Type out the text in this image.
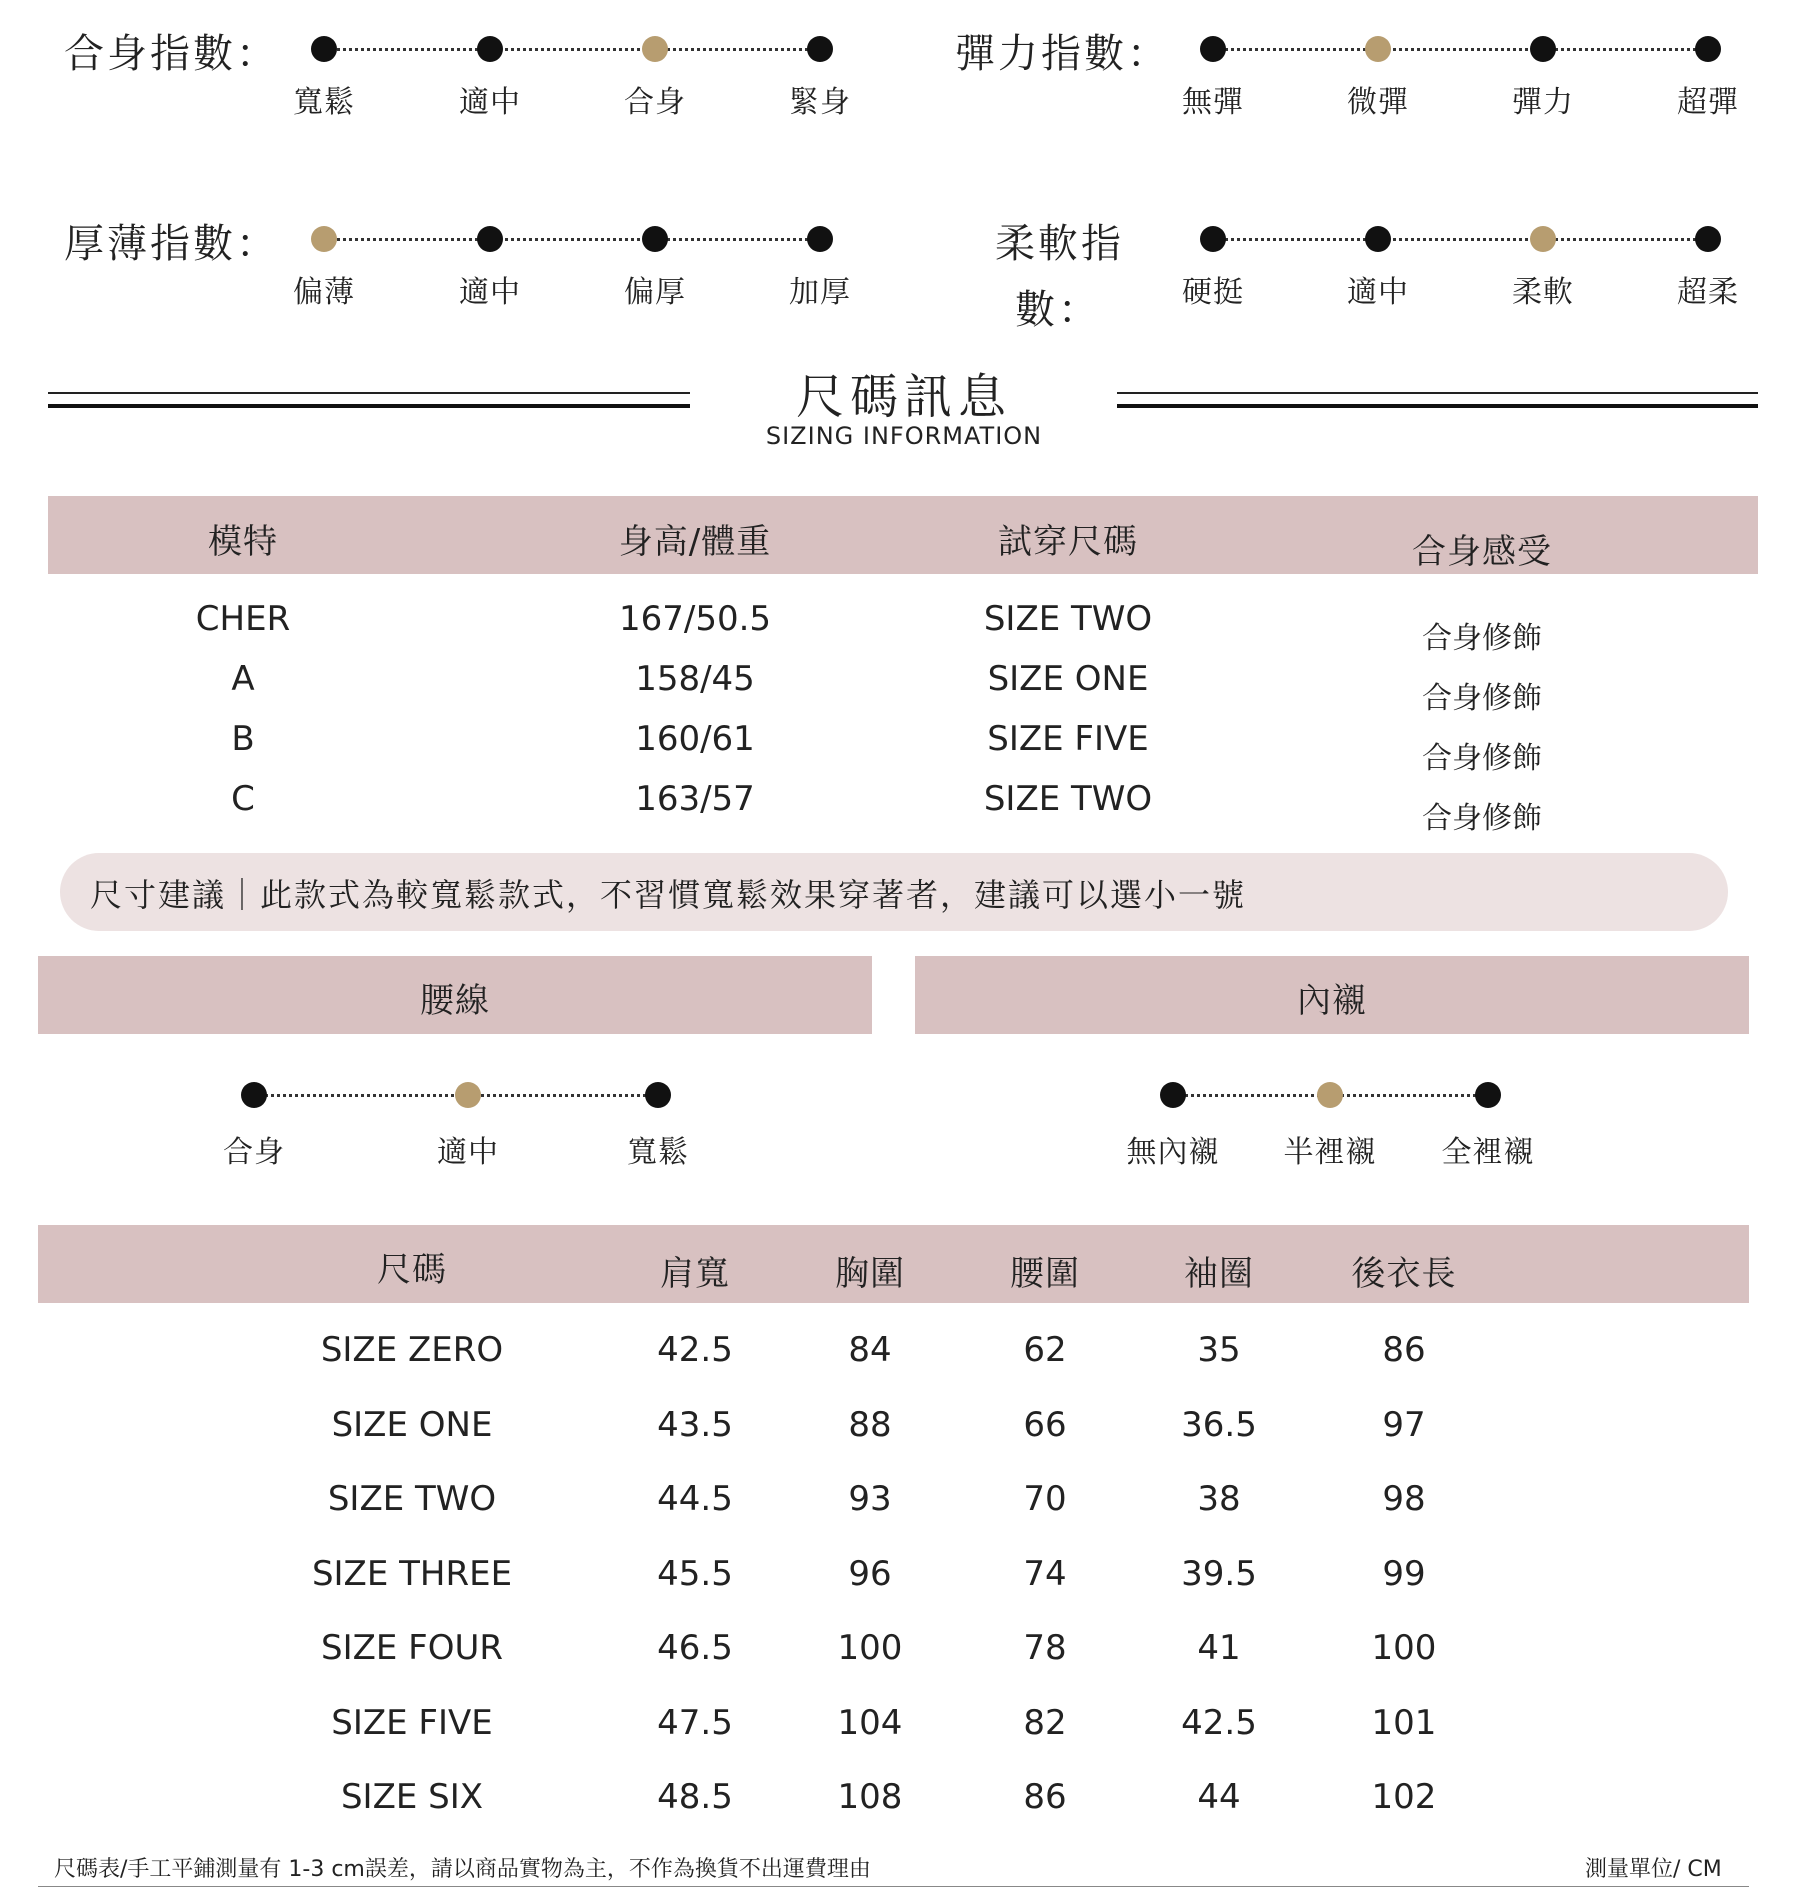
合身指數：	彈力指數：
厚薄指數：	柔軟指
數：
尺碼訊息
SIZING INFORMATION
模特	身高/體重	試穿尺碼	合身感受
CHER	167/50.5	SIZE TWO	合身修飾
A	158/45	SIZE ONE	合身修飾
B	160/61	SIZE FIVE	合身修飾
C	163/57	SIZE TWO	合身修飾
尺寸建議｜此款式為較寬鬆款式，不習慣寬鬆效果穿著者，建議可以選小一號
腰線	內襯
尺碼	肩寬	胸圍	腰圍	袖圈	後衣長
SIZE ZERO	42.5	84	62	35	86
SIZE ONE	43.5	88	66	36.5	97
SIZE TWO	44.5	93	70	38	98
SIZE THREE	45.5	96	74	39.5	99
SIZE FOUR	46.5	100	78	41	100
SIZE FIVE	47.5	104	82	42.5	101
SIZE SIX	48.5	108	86	44	102
尺碼表/手工平鋪測量有 1-3 cm誤差，請以商品實物為主，不作為換貨不出運費理由	測量單位/ CM
寬鬆	適中	合身	緊身	無彈	微彈	彈力	超彈
偏薄	適中	偏厚	加厚	硬挺	適中	柔軟	超柔
合身	適中	寬鬆	無內襯 半裡襯 全裡襯
